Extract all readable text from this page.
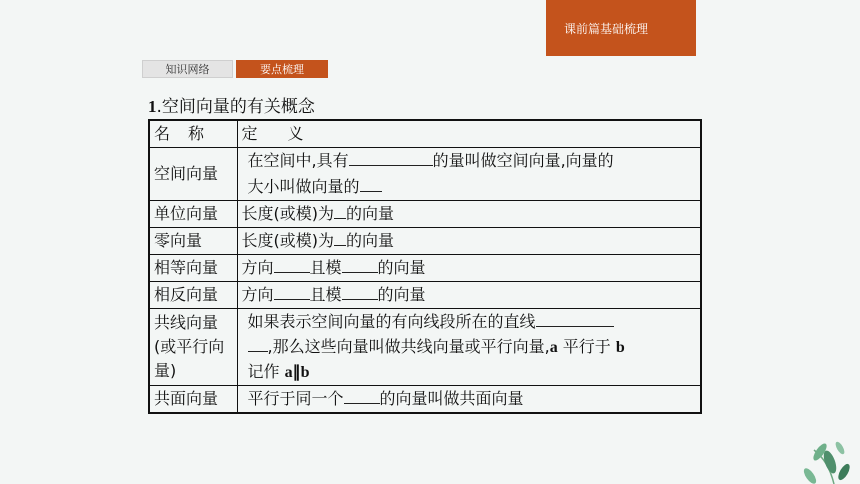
课前篇基础梳理
知识网络	要点梳理
1.空间向量的有关概念
名称	定义
空间向量	在空间中,具有 的量叫做空间向量,向量的
大小叫做向量的
单位向量	长度(或模)为 的向量
零向量	长度(或模)为 的向量
相等向量	方向 且模 的向量
相反向量	方向 且模 的向量
共线向量(或平行向量)	如果表示空间向量的有向线段所在的直线
,那么这些向量叫做共线向量或平行向量,a 平行于 b
记作 a∥b
共面向量	平行于同一个 的向量叫做共面向量
